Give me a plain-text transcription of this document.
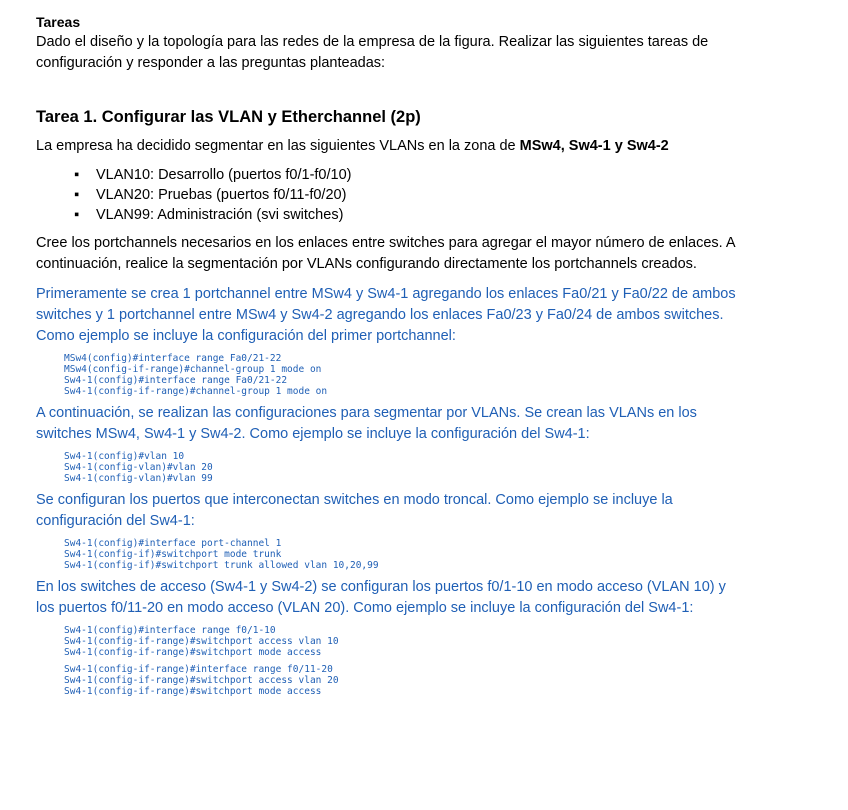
Tareas

Dado el diseño y la topología para las redes de la empresa de la figura. Realizar las siguientes tareas de
configuración y responder a las preguntas planteadas:

Tarea 1. Configurar las VLAN y Etherchannel (2p)

La empresa ha decidido segmentar en las siguientes VLANs en la zona de MSw4, Sw4-1 y Sw4-2

▪	VLAN10: Desarrollo (puertos f0/1-f0/10)
▪	VLAN20: Pruebas (puertos f0/11-f0/20)
▪	VLAN99: Administración (svi switches)

Cree los portchannels necesarios en los enlaces entre switches para agregar el mayor número de enlaces. A
continuación, realice la segmentación por VLANs configurando directamente los portchannels creados.

Primeramente se crea 1 portchannel entre MSw4 y Sw4-1 agregando los enlaces Fa0/21 y Fa0/22 de ambos
switches y 1 portchannel entre MSw4 y Sw4-2 agregando los enlaces Fa0/23 y Fa0/24 de ambos switches.
Como ejemplo se incluye la configuración del primer portchannel:

MSw4(config)#interface range Fa0/21-22
MSw4(config-if-range)#channel-group 1 mode on
Sw4-1(config)#interface range Fa0/21-22
Sw4-1(config-if-range)#channel-group 1 mode on

A continuación, se realizan las configuraciones para segmentar por VLANs. Se crean las VLANs en los
switches MSw4, Sw4-1 y Sw4-2. Como ejemplo se incluye la configuración del Sw4-1:

Sw4-1(config)#vlan 10
Sw4-1(config-vlan)#vlan 20
Sw4-1(config-vlan)#vlan 99

Se configuran los puertos que interconectan switches en modo troncal. Como ejemplo se incluye la
configuración del Sw4-1:

Sw4-1(config)#interface port-channel 1
Sw4-1(config-if)#switchport mode trunk
Sw4-1(config-if)#switchport trunk allowed vlan 10,20,99

En los switches de acceso (Sw4-1 y Sw4-2) se configuran los puertos f0/1-10 en modo acceso (VLAN 10) y
los puertos f0/11-20 en modo acceso (VLAN 20). Como ejemplo se incluye la configuración del Sw4-1:

Sw4-1(config)#interface range f0/1-10
Sw4-1(config-if-range)#switchport access vlan 10
Sw4-1(config-if-range)#switchport mode access
Sw4-1(config-if-range)#interface range f0/11-20
Sw4-1(config-if-range)#switchport access vlan 20
Sw4-1(config-if-range)#switchport mode access
